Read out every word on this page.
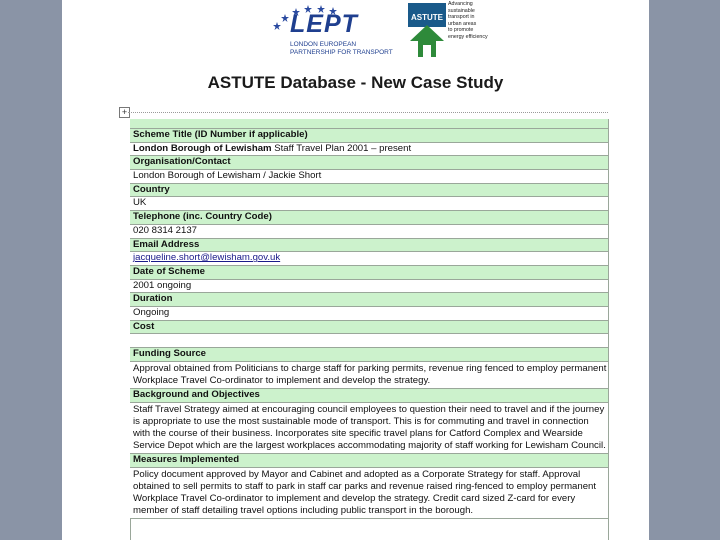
LEPT
LONDON EUROPEAN
PARTNERSHIP FOR TRANSPORT
ASTUTE
Advancing
sustainable
transport in
urban areas
to promote
energy efficiency
ASTUTE Database - New Case Study
+
Scheme Title (ID Number if applicable)
London Borough of Lewisham Staff Travel Plan 2001 – present
Organisation/Contact
London Borough of Lewisham / Jackie Short
Country
UK
Telephone (inc. Country Code)
020 8314 2137
Email Address
jacqueline.short@lewisham.gov.uk
Date of Scheme
2001 ongoing
Duration
Ongoing
Cost
Funding Source
Approval obtained from Politicians to charge staff for parking permits, revenue ring fenced to employ permanent Workplace Travel Co-ordinator to implement and develop the strategy.
Background and Objectives
Staff Travel Strategy aimed at encouraging council employees to question their need to travel and if the journey is appropriate to use the most sustainable mode of transport. This is for commuting and travel in connection with the course of their business. Incorporates site specific travel plans for Catford Complex and Wearside Service Depot which are the largest workplaces accommodating majority of staff working for Lewisham Council.
Measures Implemented
Policy document approved by Mayor and Cabinet and adopted as a Corporate Strategy for staff. Approval obtained to sell permits to staff to park in staff car parks and revenue raised ring-fenced to employ permanent Workplace Travel Co-ordinator to implement and develop the strategy. Credit card sized Z-card for every member of staff detailing travel options including public transport in the borough.
